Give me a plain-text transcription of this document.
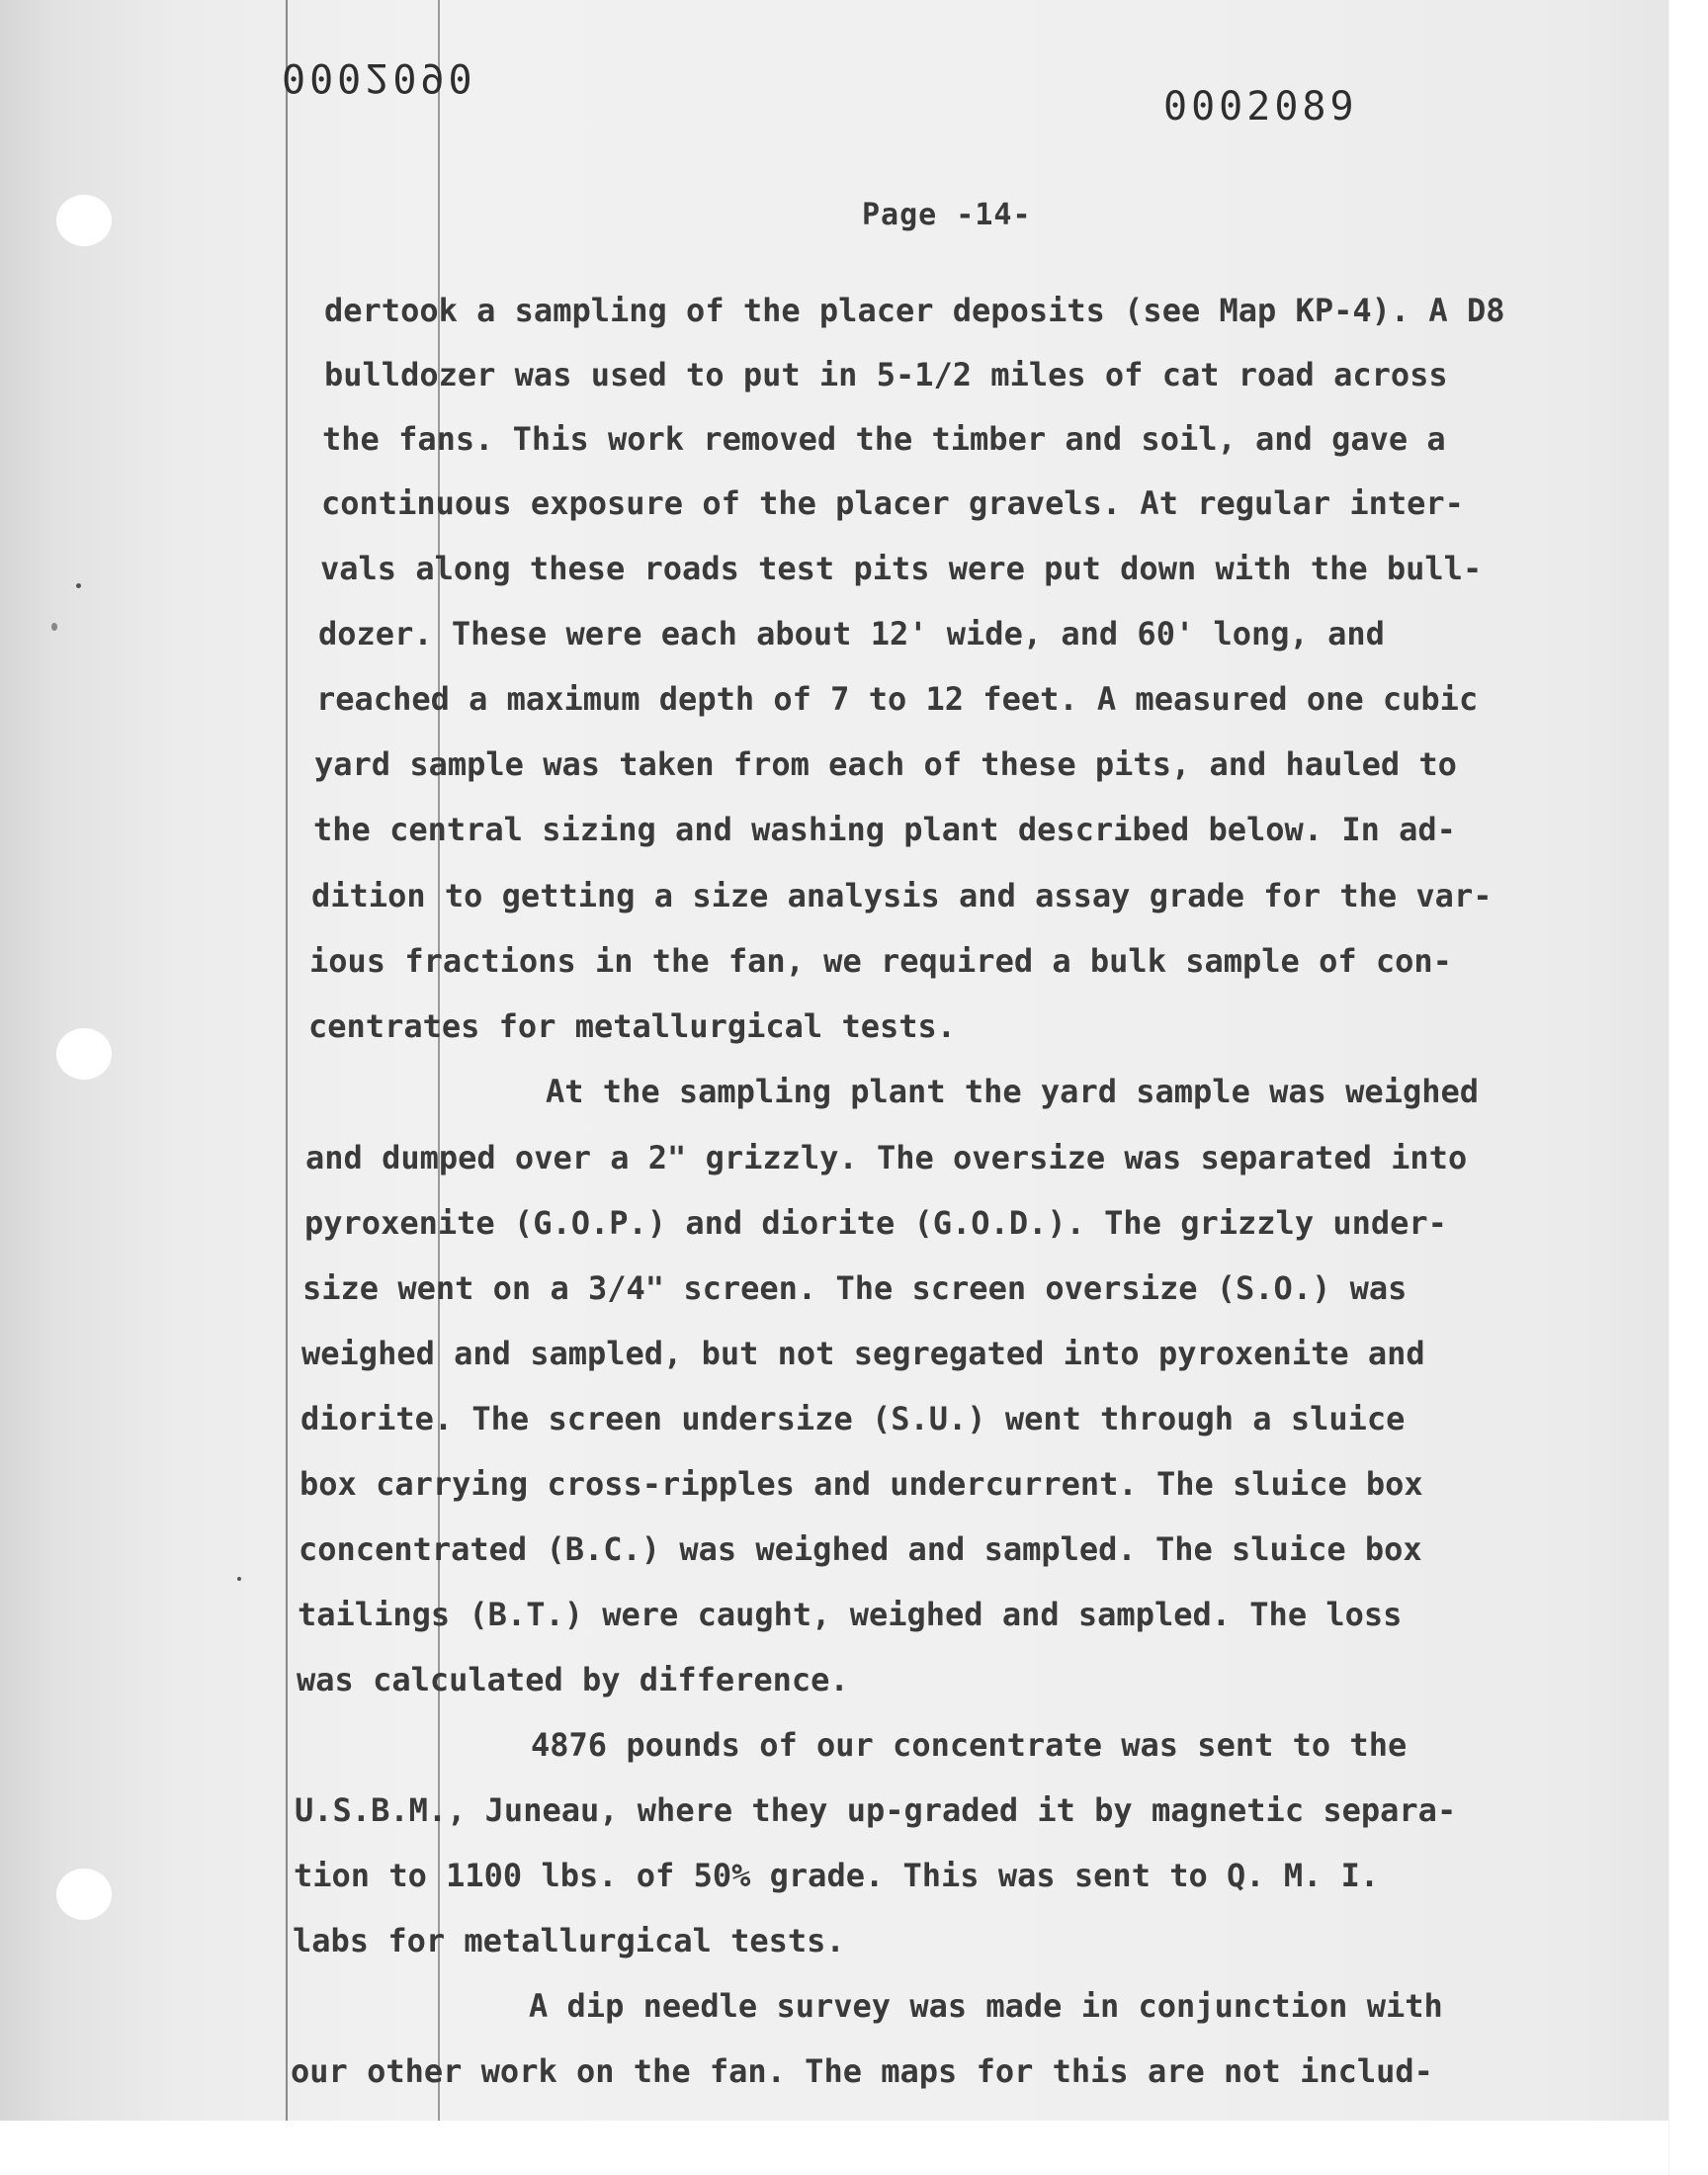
0002090
0002089
Page -14-
dertook a sampling of the placer deposits (see Map KP-4). A D8
bulldozer was used to put in 5-1/2 miles of cat road across
the fans. This work removed the timber and soil, and gave a
continuous exposure of the placer gravels. At regular inter-
vals along these roads test pits were put down with the bull-
dozer. These were each about 12' wide, and 60' long, and
reached a maximum depth of 7 to 12 feet. A measured one cubic
yard sample was taken from each of these pits, and hauled to
the central sizing and washing plant described below. In ad-
dition to getting a size analysis and assay grade for the var-
ious fractions in the fan, we required a bulk sample of con-
centrates for metallurgical tests.
At the sampling plant the yard sample was weighed
and dumped over a 2" grizzly. The oversize was separated into
pyroxenite (G.O.P.) and diorite (G.O.D.). The grizzly under-
size went on a 3/4" screen. The screen oversize (S.O.) was
weighed and sampled, but not segregated into pyroxenite and
diorite. The screen undersize (S.U.) went through a sluice
box carrying cross-ripples and undercurrent. The sluice box
concentrated (B.C.) was weighed and sampled. The sluice box
tailings (B.T.) were caught, weighed and sampled. The loss
was calculated by difference.
4876 pounds of our concentrate was sent to the
U.S.B.M., Juneau, where they up-graded it by magnetic separa-
tion to 1100 lbs. of 50% grade. This was sent to Q. M. I.
labs for metallurgical tests.
A dip needle survey was made in conjunction with
our other work on the fan. The maps for this are not includ-
